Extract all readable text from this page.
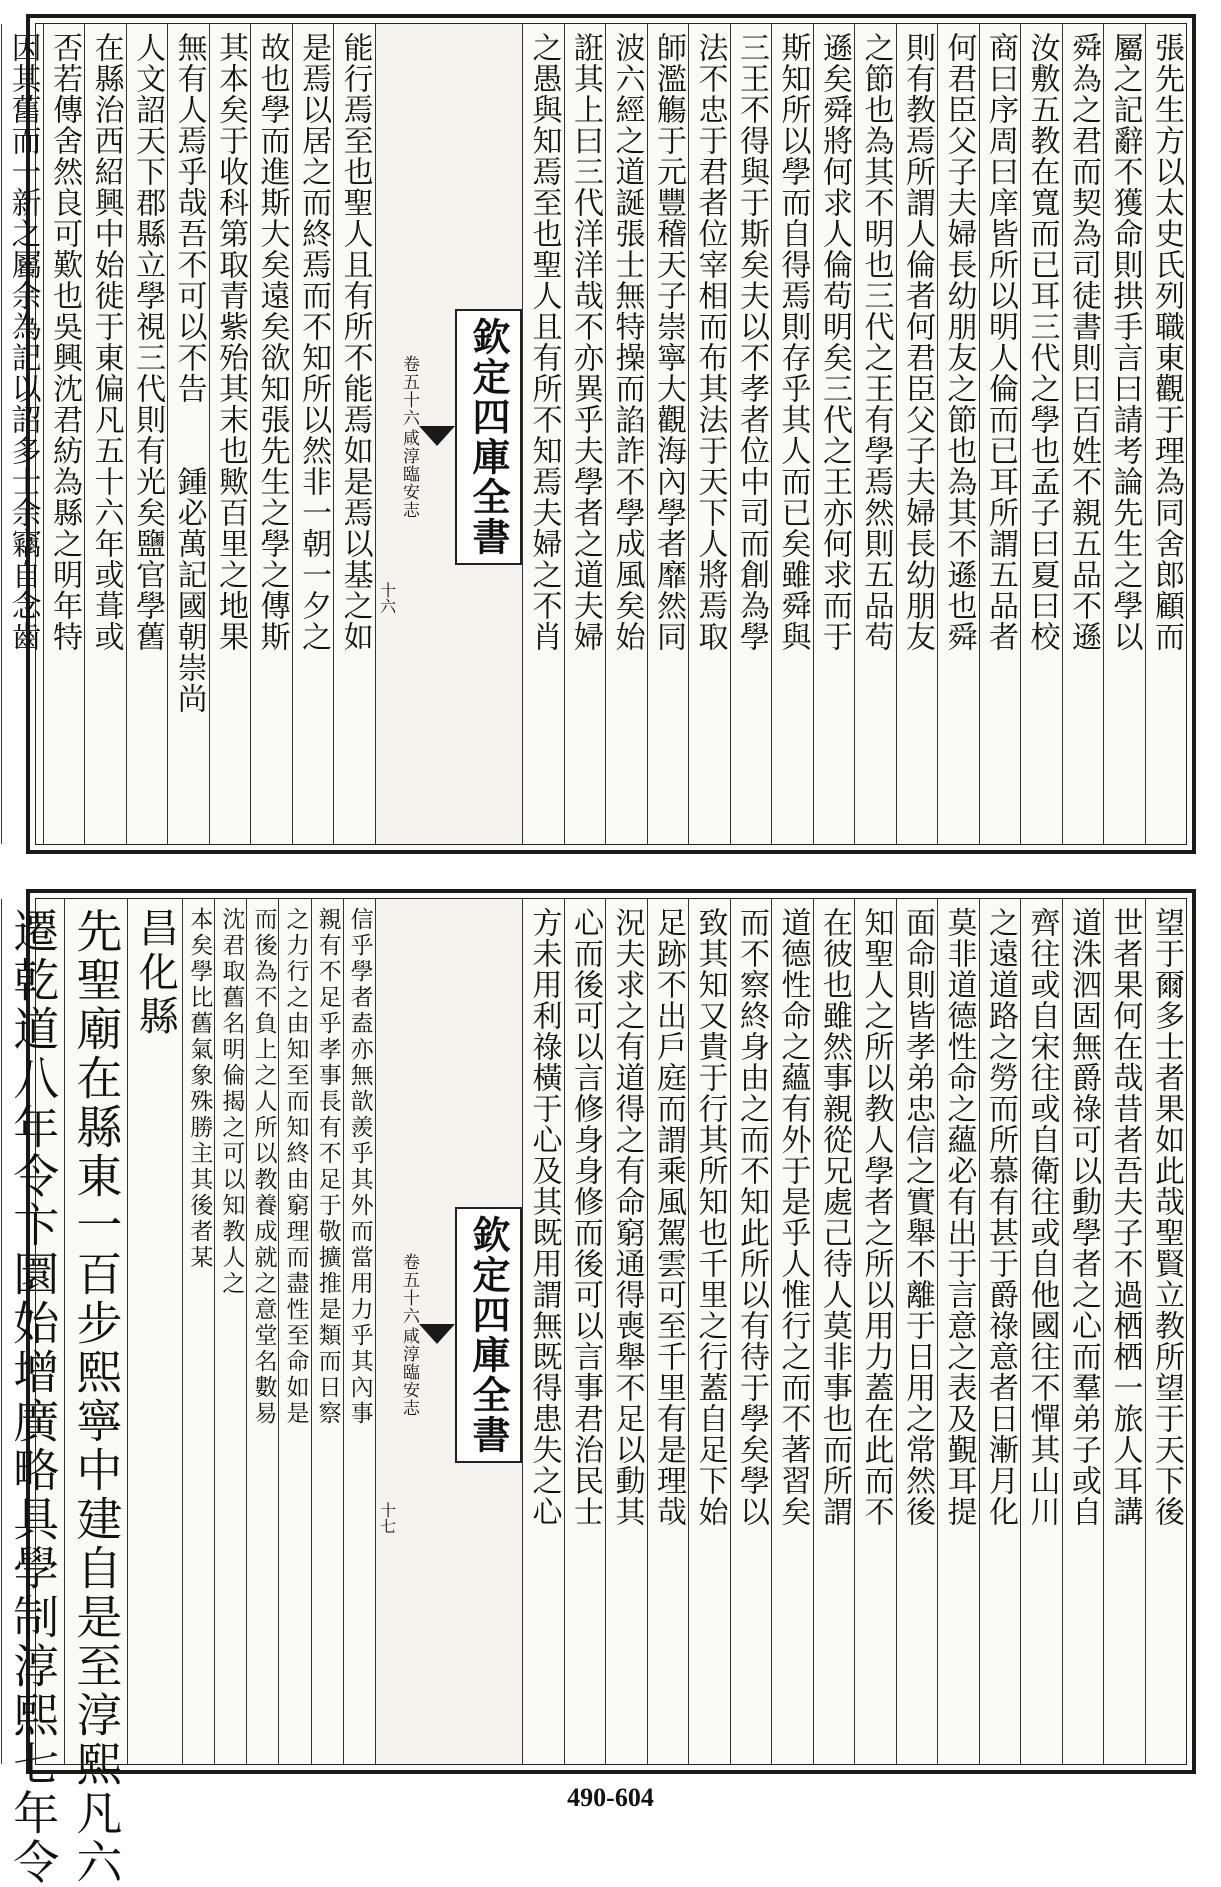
張先生方以太史氏列職東觀于理為同舍郎顧而
屬之記辭不獲命則拱手言曰請考論先生之學以
舜為之君而契為司徒書則曰百姓不親五品不遜
汝敷五教在寬而已耳三代之學也孟子曰夏曰校
商曰序周曰庠皆所以明人倫而已耳所謂五品者
何君臣父子夫婦長幼朋友之節也為其不遜也舜
則有教焉所謂人倫者何君臣父子夫婦長幼朋友
之節也為其不明也三代之王有學焉然則五品苟
遜矣舜將何求人倫苟明矣三代之王亦何求而于
斯知所以學而自得焉則存乎其人而已矣雖舜與
三王不得與于斯矣夫以不孝者位中司而創為學
法不忠于君者位宰相而布其法于天下人將焉取
師濫觴于元豐稽天子崇寧大觀海內學者靡然同
波六經之道誕張士無特操而諂詐不學成風矣始
誑其上曰三代洋洋哉不亦異乎夫學者之道夫婦
之愚與知焉至也聖人且有所不知焉夫婦之不肖
欽定四庫全書
咸淳臨安志
卷五十六
十六
能行焉至也聖人且有所不能焉如是焉以基之如
是焉以居之而終焉而不知所以然非一朝一夕之
故也學而進斯大矣遠矣欲知張先生之學之傳斯
其本矣于收科第取青紫殆其末也歟百里之地果
無有人焉乎哉吾不可以不告　　鍾必萬記國朝崇尚
人文詔天下郡縣立學視三代則有光矣鹽官學舊
在縣治西紹興中始徙于東偏凡五十六年或葺或
否若傳舍然良可歎也吳興沈君紡為縣之明年特
因其舊而一新之屬余為記以詔多士余竊自念齒
望于爾多士者果如此哉聖賢立教所望于天下後
世者果何在哉昔者吾夫子不過栖栖一旅人耳講
道洙泗固無爵祿可以動學者之心而羣弟子或自
齊往或自宋往或自衛往或自他國往不憚其山川
之遠道路之勞而所慕有甚于爵祿意者日漸月化
莫非道德性命之蘊必有出于言意之表及覲耳提
面命則皆孝弟忠信之實舉不離于日用之常然後
知聖人之所以教人學者之所以用力蓋在此而不
在彼也雖然事親從兄處己待人莫非事也而所謂
道德性命之蘊有外于是乎人惟行之而不著習矣
而不察終身由之而不知此所以有待于學矣學以
致其知又貴于行其所知也千里之行蓋自足下始
足跡不出戶庭而謂乘風駕雲可至千里有是理哉
況夫求之有道得之有命窮通得喪舉不足以動其
心而後可以言修身身修而後可以言事君治民士
方未用利祿橫于心及其既用謂無既得患失之心
欽定四庫全書
咸淳臨安志
卷五十六
十七
信乎學者盍亦無歆羨乎其外而當用力乎其內事
親有不足乎孝事長有不足于敬擴推是類而日察
之力行之由知至而知終由窮理而盡性至命如是
而後為不負上之人所以教養成就之意堂名數易
沈君取舊名明倫揭之可以知教人之
本矣學比舊氣象殊勝主其後者某
昌化縣
先聖廟在縣東一百步熙寧中建自是至淳熙凡六
遷乾道八年令卞圜始增廣略具學制淳熙七年令	490-604
